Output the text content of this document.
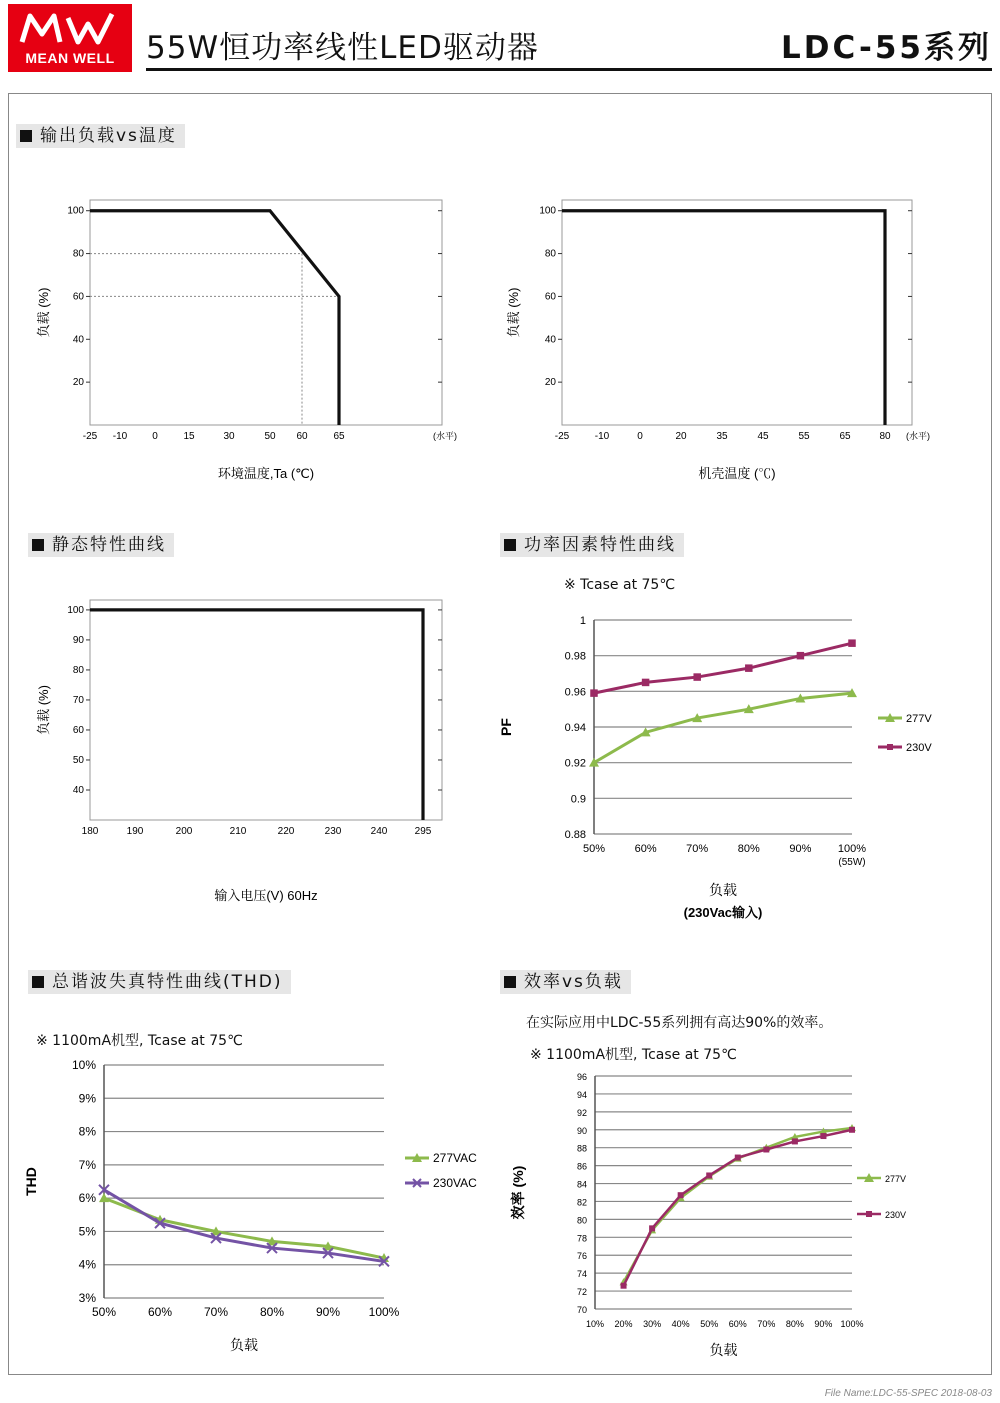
MEAN WELL	55W恒功率线性LED驱动器	LDC-55系列
输出负载vs温度
静态特性曲线	功率因素特性曲线
总谐波失真特性曲线(THD)	效率vs负载
※ Tcase at 75℃
※ 1100mA机型, Tcase at 75℃
在实际应用中LDC-55系列拥有高达90%的效率。
※ 1100mA机型, Tcase at 75℃
100
80
60
40
20
-25 -10 0	15	30	50 60	65	(水平)
环境温度,Ta (℃)
负载 (%)
100
80
60
40
20
-25	-10	0	20	35	45	55	65	80 (水平)
机壳温度 (℃)
负载 (%)
100
90
80
70
60
50
40
180	190	200	210	220	230	240	295
输入电压(V) 60Hz
负载 (%)
1
0.98
0.96
0.94
0.92
0.9
0.88
50%	60%	70%	80%	90% 100%
(55W)
负载
(230Vac输入)
PF	277V
230V
10%
9%
8%
7%
6%
5%
4%
3%
50%	60%	70%	80%	90% 100%
负载
THD
277VAC
230VAC
96
94
92
90
88
86
84
82
80
78
76
74
72
70
10% 20% 30% 40% 50% 60% 70% 80% 90% 100%
负载
效率 (%)	277V
230V
File Name:LDC-55-SPEC 2018-08-03
